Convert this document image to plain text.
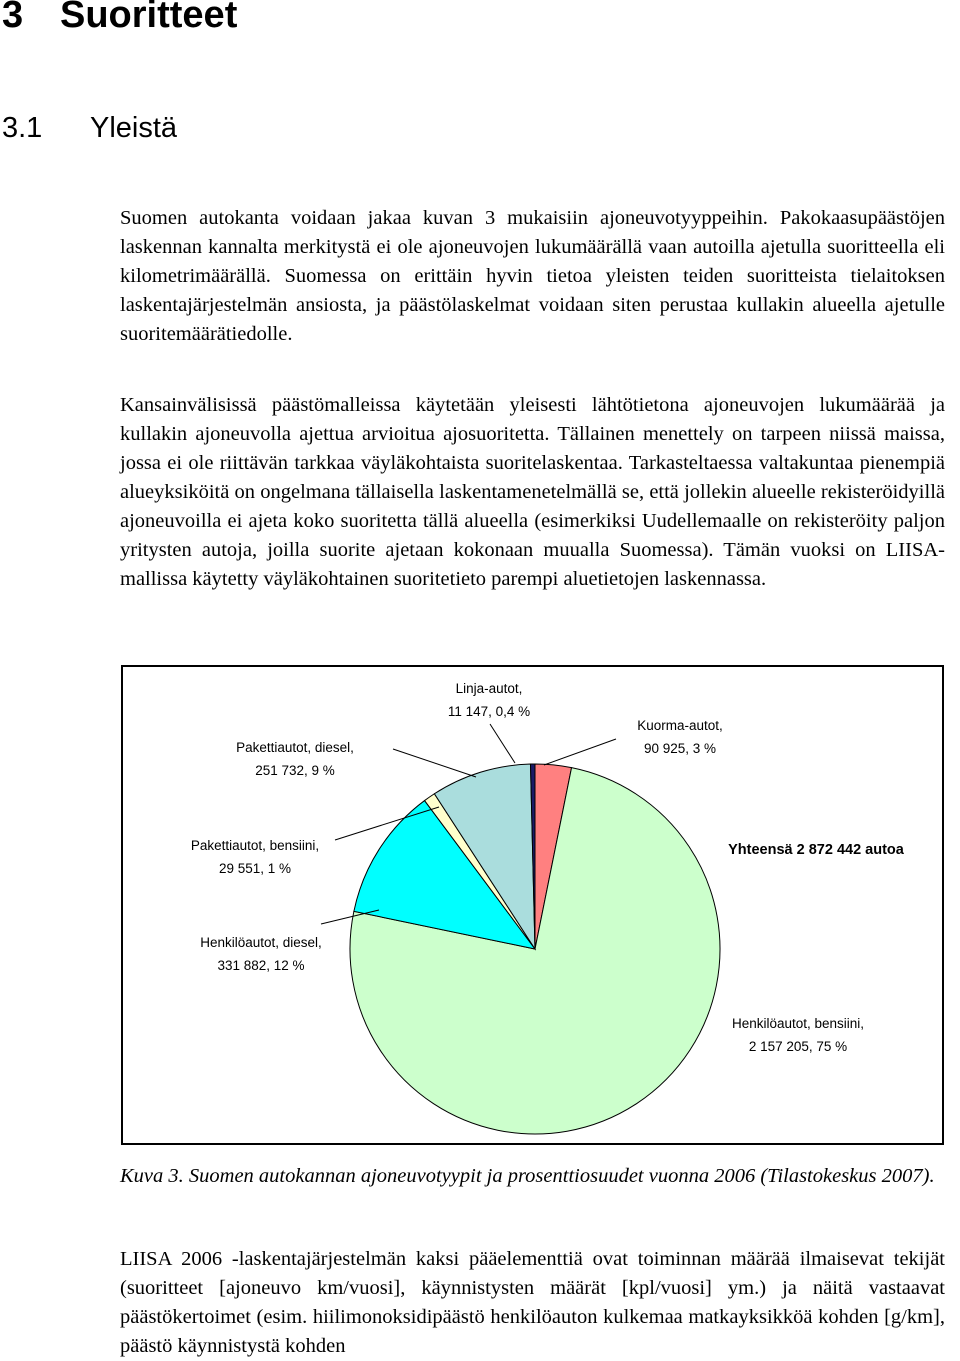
3 Suoritteet
3.1 Yleistä

Suomen autokanta voidaan jakaa kuvan 3 mukaisiin ajoneuvotyyppeihin. Pakokaasupäästöjen laskennan kannalta merkitystä ei ole ajoneuvojen lukumäärällä vaan autoilla ajetulla suoritteella eli kilometrimäärällä. Suomessa on erittäin hyvin tietoa yleisten teiden suoritteista tielaitoksen laskentajärjestelmän ansiosta, ja päästölaskelmat voidaan siten perustaa kullakin alueella ajetulle suoritemäärätiedolle.

Kansainvälisissä päästömalleissa käytetään yleisesti lähtötietona ajoneuvojen lukumäärää ja kullakin ajoneuvolla ajettua arvioitua ajosuoritetta. Tällainen menettely on tarpeen niissä maissa, jossa ei ole riittävän tarkkaa väyläkohtaista suoritelaskentaa. Tarkasteltaessa valtakuntaa pienempiä alueyksiköitä on ongelmana tällaisella laskentamenetelmällä se, että jollekin alueelle rekisteröidyillä ajoneuvoilla ei ajeta koko suoritetta tällä alueella (esimerkiksi Uudellemaalle on rekisteröity paljon yritysten autoja, joilla suorite ajetaan kokonaan muualla Suomessa). Tämän vuoksi on LIISA-mallissa käytetty väyläkohtainen suoritetieto parempi aluetietojen laskennassa.

Kuorma-autot,
90 925, 3 %
Henkilöautot, bensiini,
2 157 205, 75 %
Henkilöautot, diesel,
331 882, 12 %
Pakettiautot, bensiini,
29 551, 1 %
Pakettiautot, diesel,
251 732, 9 %
Linja-autot,
11 147, 0,4 %
Yhteensä 2 872 442 autoa

Kuva 3. Suomen autokannan ajoneuvotyypit ja prosenttiosuudet vuonna 2006 (Tilastokeskus 2007).

LIISA 2006 -laskentajärjestelmän kaksi pääelementtiä ovat toiminnan määrää ilmaisevat tekijät (suoritteet [ajoneuvo km/vuosi], käynnistysten määrät [kpl/vuosi] ym.) ja näitä vastaavat päästökertoimet (esim. hiilimonoksidipäästö henkilöauton kulkemaa matkayksikköä kohden [g/km], päästö käynnistystä kohden
